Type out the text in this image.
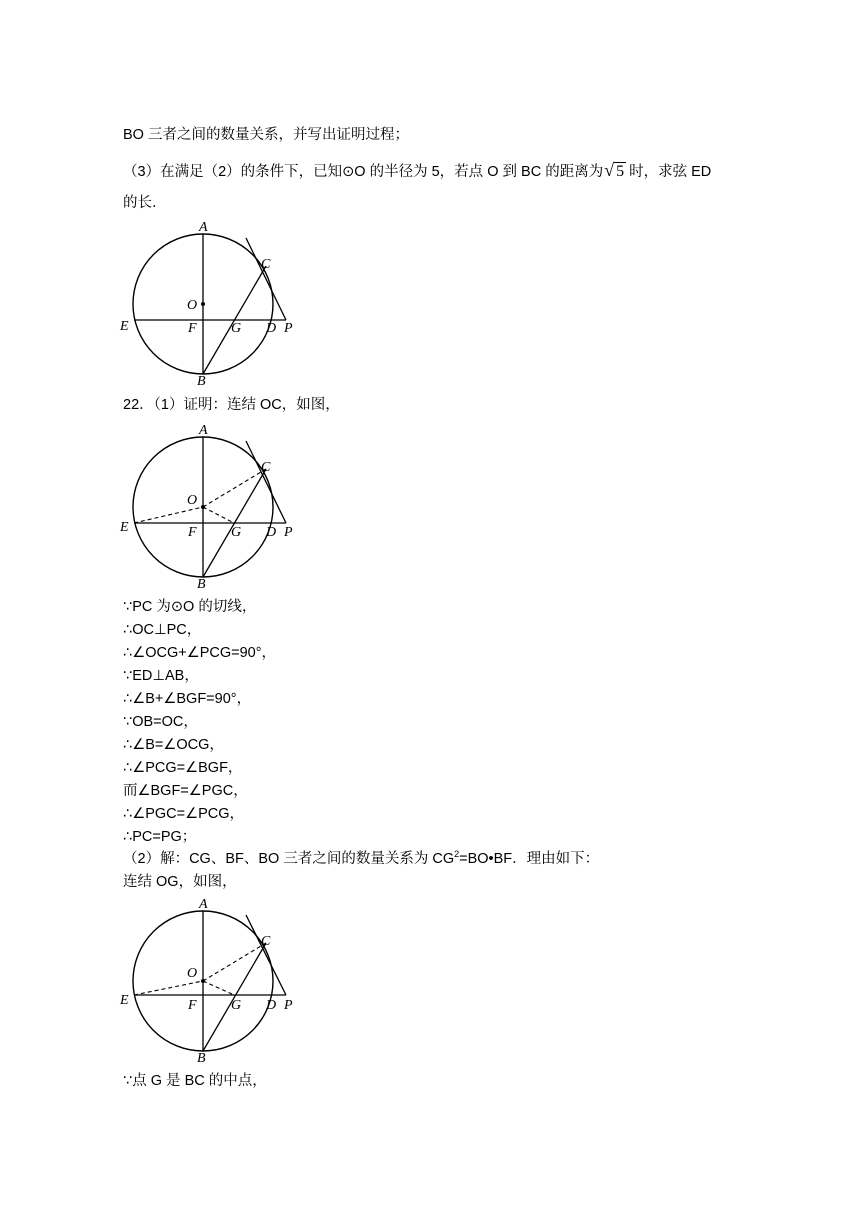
BO 三者之间的数量关系，并写出证明过程；
（3）在满足（2）的条件下，已知⊙O 的半径为 5，若点 O 到 BC 的距离为√ 5 时，求弦 ED
的长．
A
C
O
E	F G D P
B
22．（1）证明：连结 OC，如图，
A
C
O
E	F G D P
B
∵PC 为⊙O 的切线，
∴OC⊥PC，
∴∠OCG+∠PCG=90°，
∵ED⊥AB，
∴∠B+∠BGF=90°，
∵OB=OC，
∴∠B=∠OCG，
∴∠PCG=∠BGF，
而∠BGF=∠PGC，
∴∠PGC=∠PCG，
∴PC=PG；
（2）解：CG、BF、BO 三者之间的数量关系为 $CG^2=BO•BF$．理由如下：
连结 OG，如图，
A
C
O
E	F G D P
B
∵点 G 是 BC 的中点，
